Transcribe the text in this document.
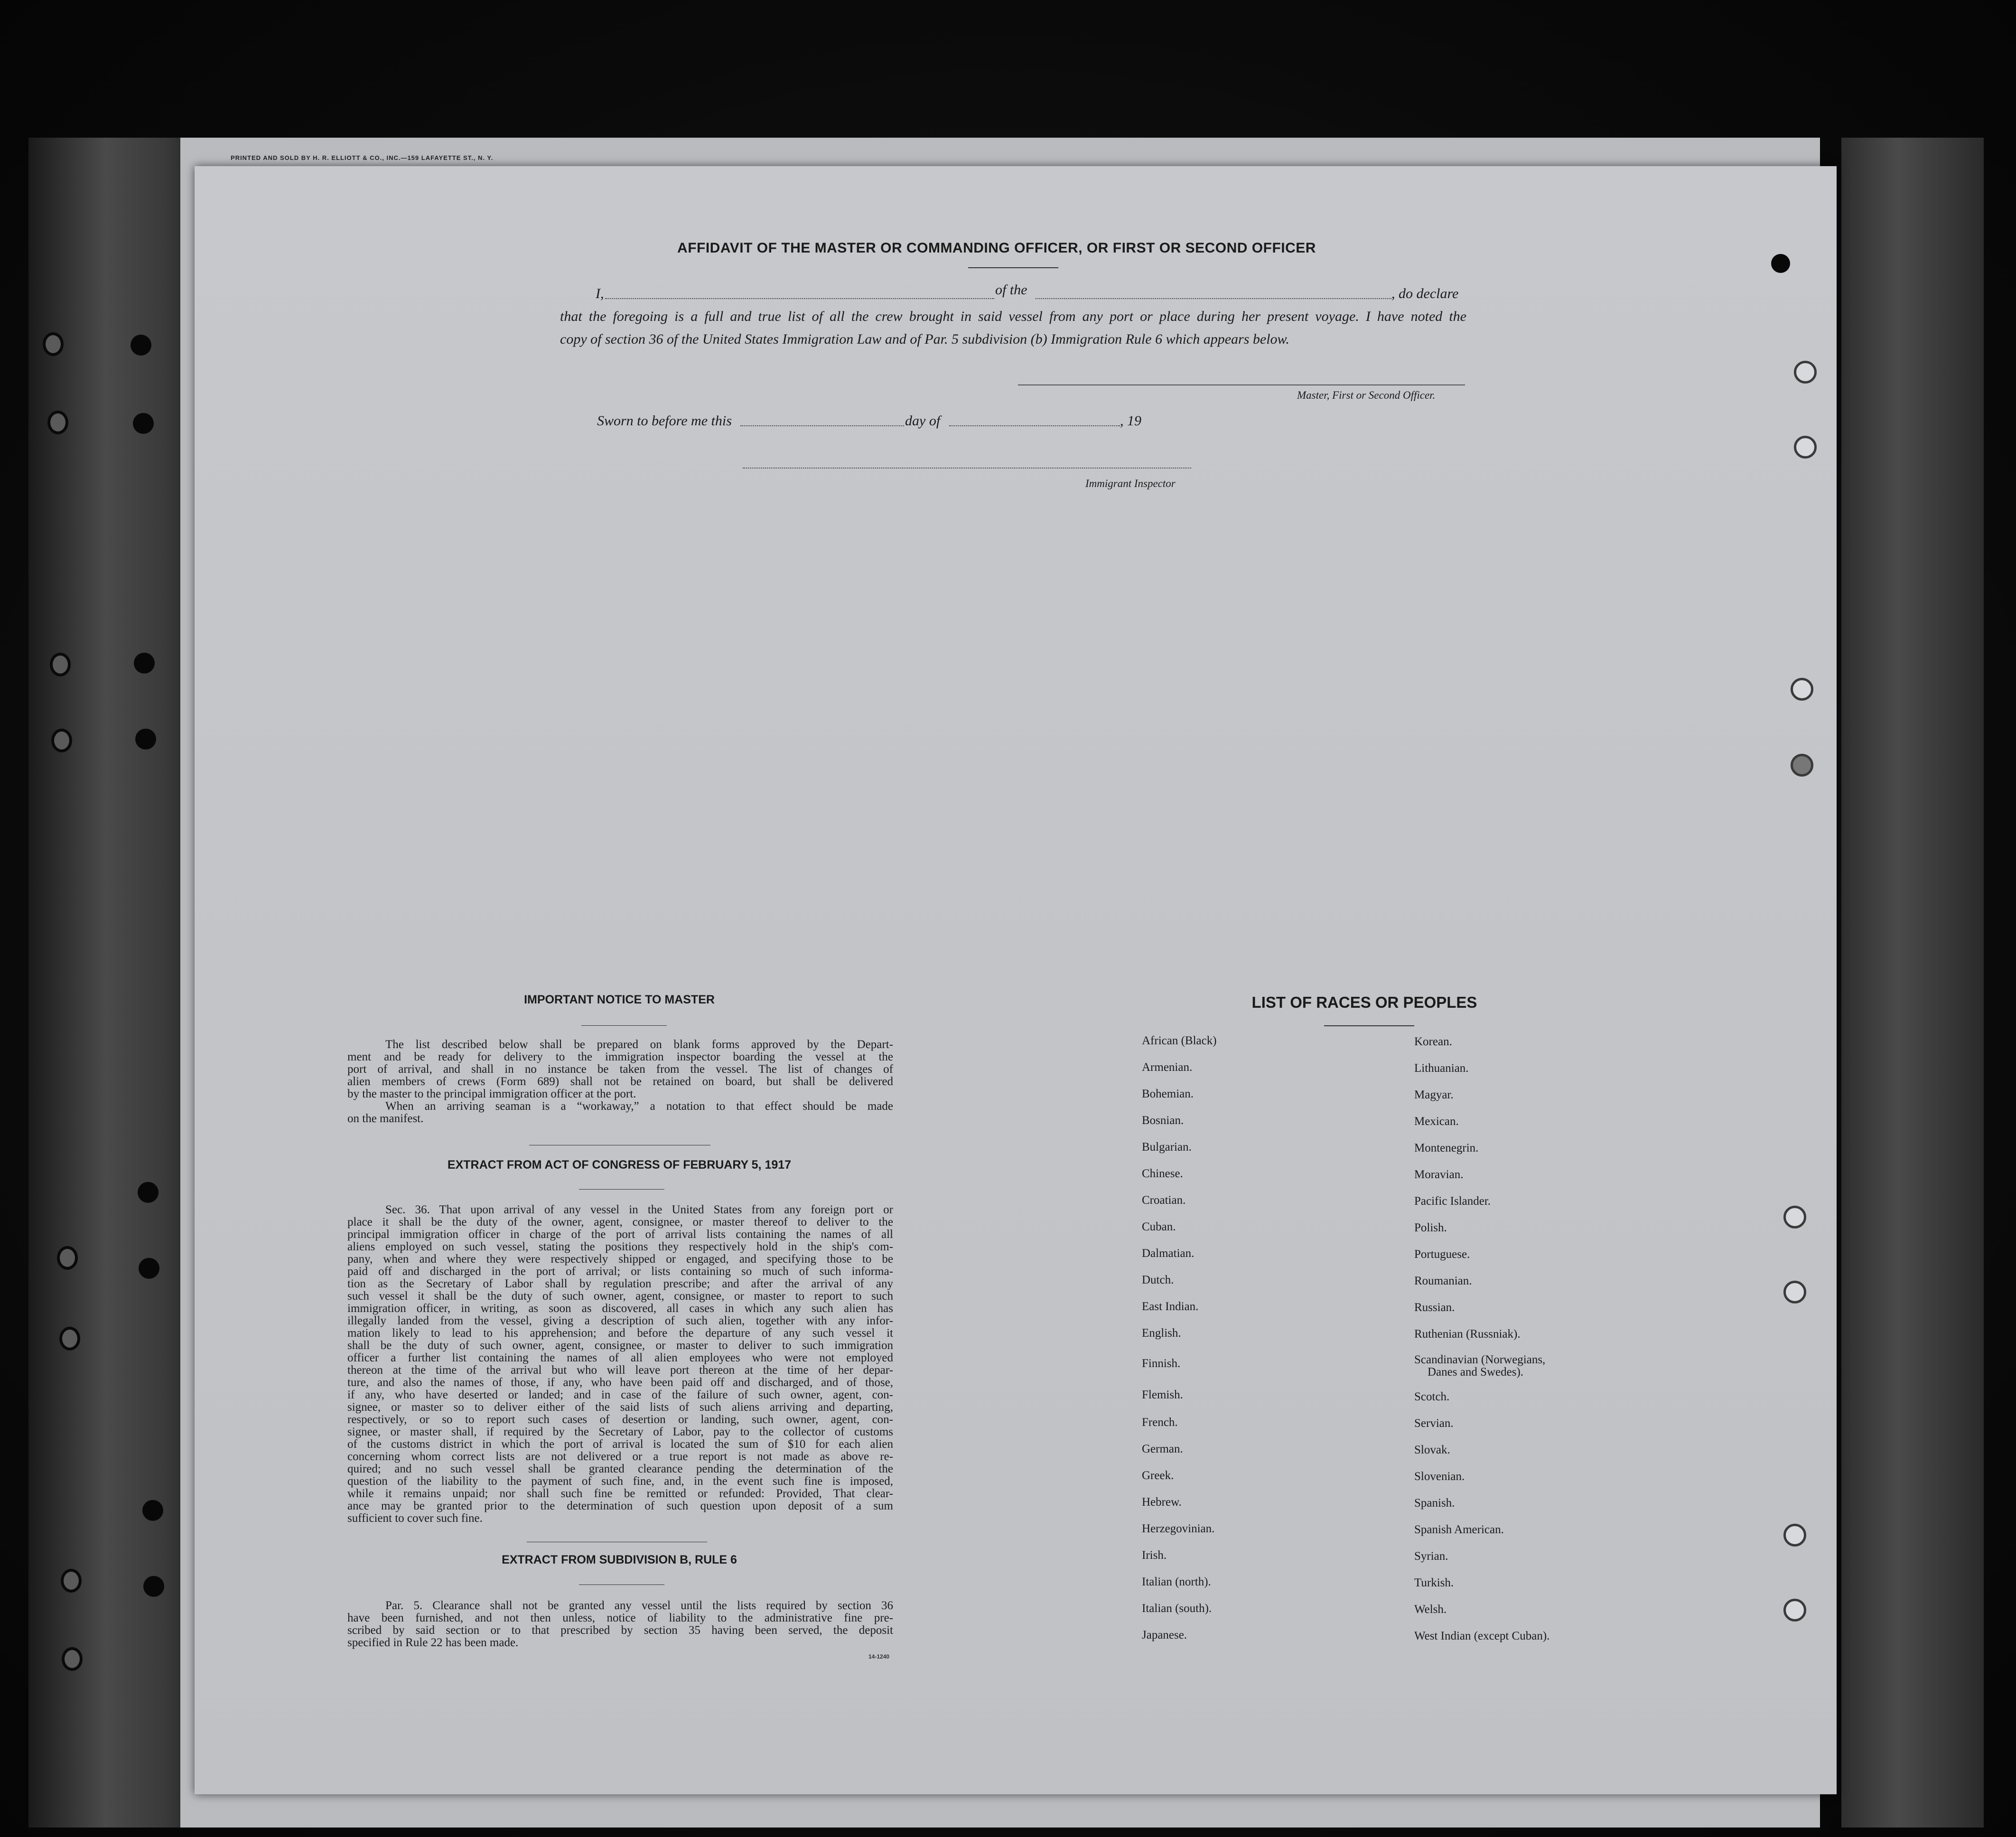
PRINTED AND SOLD BY H. R. ELLIOTT & CO., INC.—159 LAFAYETTE ST., N. Y.
AFFIDAVIT OF THE MASTER OR COMMANDING OFFICER, OR FIRST OR SECOND OFFICER
I,	of the	, do declare
that the foregoing is a full and true list of all the crew brought in said vessel from any port or place during her present voyage. I have noted the
copy of section 36 of the United States Immigration Law and of Par. 5 subdivision (b) Immigration Rule 6 which appears below.
Master, First or Second Officer.
Sworn to before me this	day of	, 19
Immigrant Inspector
IMPORTANT NOTICE TO MASTER
The list described below shall be prepared on blank forms approved by the Depart-
ment and be ready for delivery to the immigration inspector boarding the vessel at the
port of arrival, and shall in no instance be taken from the vessel. The list of changes of
alien members of crews (Form 689) shall not be retained on board, but shall be delivered
by the master to the principal immigration officer at the port.
When an arriving seaman is a “workaway,” a notation to that effect should be made
on the manifest.
EXTRACT FROM ACT OF CONGRESS OF FEBRUARY 5, 1917
Sec. 36. That upon arrival of any vessel in the United States from any foreign port or
place it shall be the duty of the owner, agent, consignee, or master thereof to deliver to the
principal immigration officer in charge of the port of arrival lists containing the names of all
aliens employed on such vessel, stating the positions they respectively hold in the ship's com-
pany, when and where they were respectively shipped or engaged, and specifying those to be
paid off and discharged in the port of arrival; or lists containing so much of such informa-
tion as the Secretary of Labor shall by regulation prescribe; and after the arrival of any
such vessel it shall be the duty of such owner, agent, consignee, or master to report to such
immigration officer, in writing, as soon as discovered, all cases in which any such alien has
illegally landed from the vessel, giving a description of such alien, together with any infor-
mation likely to lead to his apprehension; and before the departure of any such vessel it
shall be the duty of such owner, agent, consignee, or master to deliver to such immigration
officer a further list containing the names of all alien employees who were not employed
thereon at the time of the arrival but who will leave port thereon at the time of her depar-
ture, and also the names of those, if any, who have been paid off and discharged, and of those,
if any, who have deserted or landed; and in case of the failure of such owner, agent, con-
signee, or master so to deliver either of the said lists of such aliens arriving and departing,
respectively, or so to report such cases of desertion or landing, such owner, agent, con-
signee, or master shall, if required by the Secretary of Labor, pay to the collector of customs
of the customs district in which the port of arrival is located the sum of $10 for each alien
concerning whom correct lists are not delivered or a true report is not made as above re-
quired; and no such vessel shall be granted clearance pending the determination of the
question of the liability to the payment of such fine, and, in the event such fine is imposed,
while it remains unpaid; nor shall such fine be remitted or refunded: Provided, That clear-
ance may be granted prior to the determination of such question upon deposit of a sum
sufficient to cover such fine.
EXTRACT FROM SUBDIVISION B, RULE 6
Par. 5. Clearance shall not be granted any vessel until the lists required by section 36
have been furnished, and not then unless, notice of liability to the administrative fine pre-
scribed by said section or to that prescribed by section 35 having been served, the deposit
specified in Rule 22 has been made.
14-1240
LIST OF RACES OR PEOPLES
African (Black)
Armenian.
Bohemian.
Bosnian.
Bulgarian.
Chinese.
Croatian.
Cuban.
Dalmatian.
Dutch.
East Indian.
English.
Finnish.
Flemish.
French.
German.
Greek.
Hebrew.
Herzegovinian.
Irish.
Italian (north).
Italian (south).
Japanese.
Korean.
Lithuanian.
Magyar.
Mexican.
Montenegrin.
Moravian.
Pacific Islander.
Polish.
Portuguese.
Roumanian.
Russian.
Ruthenian (Russniak).
Scandinavian (Norwegians,
Danes and Swedes).
Scotch.
Servian.
Slovak.
Slovenian.
Spanish.
Spanish American.
Syrian.
Turkish.
Welsh.
West Indian (except Cuban).
